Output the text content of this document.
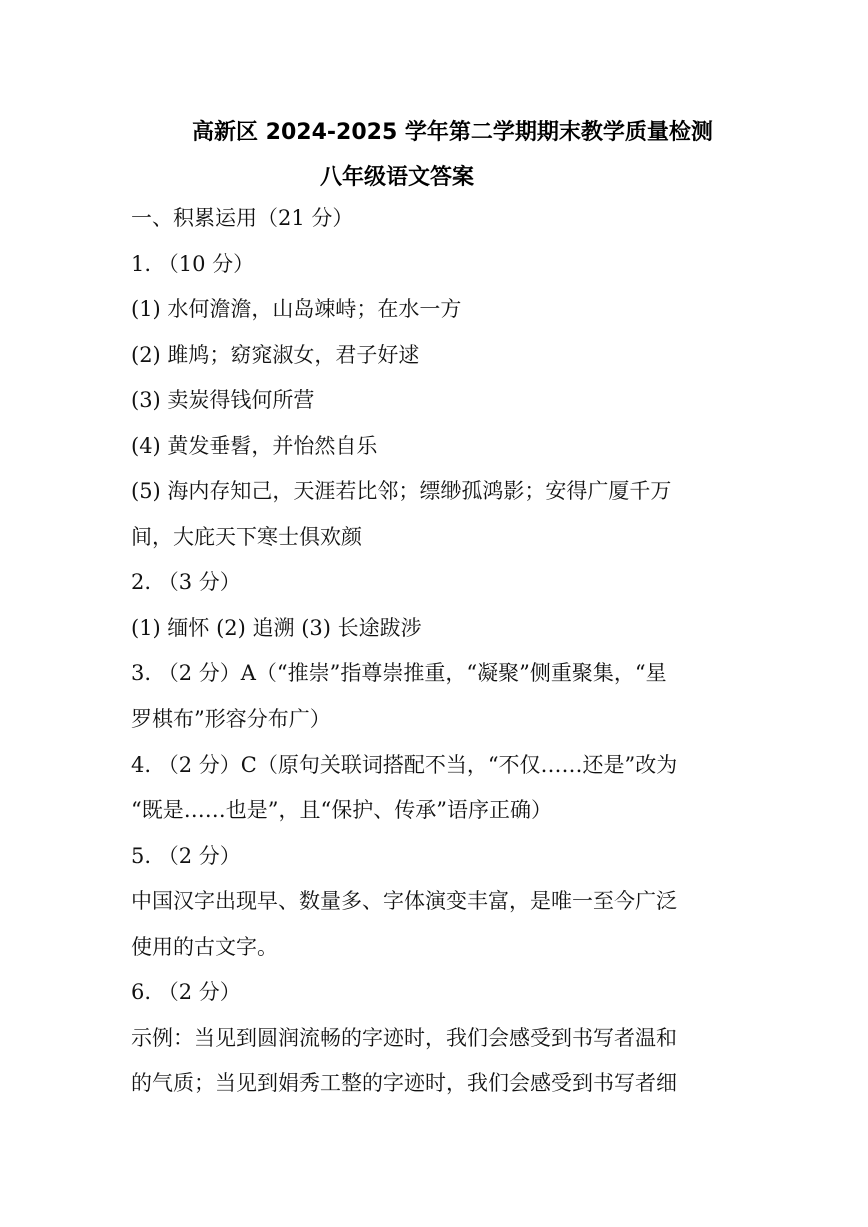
高新区 2024-2025 学年第二学期期末教学质量检测
八年级语文答案
一、积累运用（21 分）
1. （10 分）
(1) 水何澹澹，山岛竦峙；在水一方
(2) 雎鸠；窈窕淑女，君子好逑
(3) 卖炭得钱何所营
(4) 黄发垂髫，并怡然自乐
(5) 海内存知己，天涯若比邻；缥缈孤鸿影；安得广厦千万
间，大庇天下寒士俱欢颜
2. （3 分）
(1) 缅怀 (2) 追溯 (3) 长途跋涉
3. （2 分）A（“推崇”指尊崇推重，“凝聚”侧重聚集，“星
罗棋布”形容分布广）
4. （2 分）C（原句关联词搭配不当，“不仅……还是”改为
“既是……也是”，且“保护、传承”语序正确）
5. （2 分）
中国汉字出现早、数量多、字体演变丰富，是唯一至今广泛
使用的古文字。
6. （2 分）
示例：当见到圆润流畅的字迹时，我们会感受到书写者温和
的气质；当见到娟秀工整的字迹时，我们会感受到书写者细
